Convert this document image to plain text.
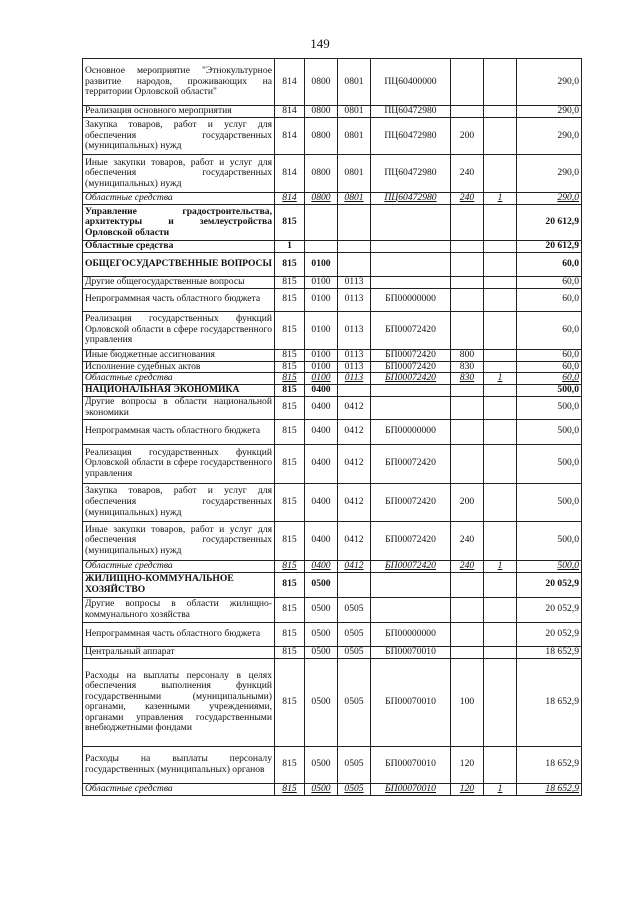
149
Основное мероприятие "Этнокультурное развитие народов, проживающих на территории Орловской области"	814	0800	0801	ПЦ60400000			290,0
Реализация основного мероприятия	814	0800	0801	ПЦ60472980			290,0
Закупка товаров, работ и услуг для обеспечения государственных (муниципальных) нужд	814	0800	0801	ПЦ60472980	200		290,0
Иные закупки товаров, работ и услуг для обеспечения государственных (муниципальных) нужд	814	0800	0801	ПЦ60472980	240		290,0
Областные средства	814	0800	0801	ПЦ60472980	240	1	290,0
Управление градостроительства, архитектуры и землеустройства Орловской области	815						20 612,9
Областные средства	1						20 612,9
ОБЩЕГОСУДАРСТВЕННЫЕ ВОПРОСЫ	815	0100					60,0
Другие общегосударственные вопросы	815	0100	0113				60,0
Непрограммная часть областного бюджета	815	0100	0113	БП00000000			60,0
Реализация государственных функций Орловской области в сфере государственного управления	815	0100	0113	БП00072420			60,0
Иные бюджетные ассигнования	815	0100	0113	БП00072420	800		60,0
Исполнение судебных актов	815	0100	0113	БП00072420	830		60,0
Областные средства	815	0100	0113	БП00072420	830	1	60,0
НАЦИОНАЛЬНАЯ ЭКОНОМИКА	815	0400					500,0
Другие вопросы в области национальной экономики	815	0400	0412				500,0
Непрограммная часть областного бюджета	815	0400	0412	БП00000000			500,0
Реализация государственных функций Орловской области в сфере государственного управления	815	0400	0412	БП00072420			500,0
Закупка товаров, работ и услуг для обеспечения государственных (муниципальных) нужд	815	0400	0412	БП00072420	200		500,0
Иные закупки товаров, работ и услуг для обеспечения государственных (муниципальных) нужд	815	0400	0412	БП00072420	240		500,0
Областные средства	815	0400	0412	БП00072420	240	1	500,0
ЖИЛИЩНО-КОММУНАЛЬНОЕ ХОЗЯЙСТВО	815	0500					20 052,9
Другие вопросы в области жилищно-коммунального хозяйства	815	0500	0505				20 052,9
Непрограммная часть областного бюджета	815	0500	0505	БП00000000			20 052,9
Центральный аппарат	815	0500	0505	БП00070010			18 652,9
Расходы на выплаты персоналу в целях обеспечения выполнения функций государственными (муниципальными) органами, казенными учреждениями, органами управления государственными внебюджетными фондами	815	0500	0505	БП00070010	100		18 652,9
Расходы на выплаты персоналу государственных (муниципальных) органов	815	0500	0505	БП00070010	120		18 652,9
Областные средства	815	0500	0505	БП00070010	120	1	18 652,9
